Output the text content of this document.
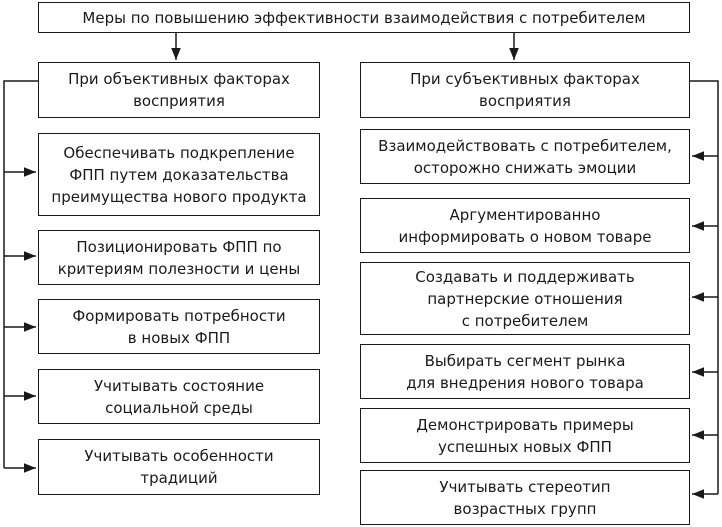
Меры по повышению эффективности взаимодействия с потребителем
При объективных факторах
восприятия
При субъективных факторах
восприятия
Обеспечивать подкрепление
ФПП путем доказательства
преимущества нового продукта
Позиционировать ФПП по
критериям полезности и цены
Формировать потребности
в новых ФПП
Учитывать состояние
социальной среды
Учитывать особенности
традиций
Взаимодействовать с потребителем,
осторожно снижать эмоции
Аргументированно
информировать о новом товаре
Создавать и поддерживать
партнерские отношения
с потребителем
Выбирать сегмент рынка
для внедрения нового товара
Демонстрировать примеры
успешных новых ФПП
Учитывать стереотип
возрастных групп
